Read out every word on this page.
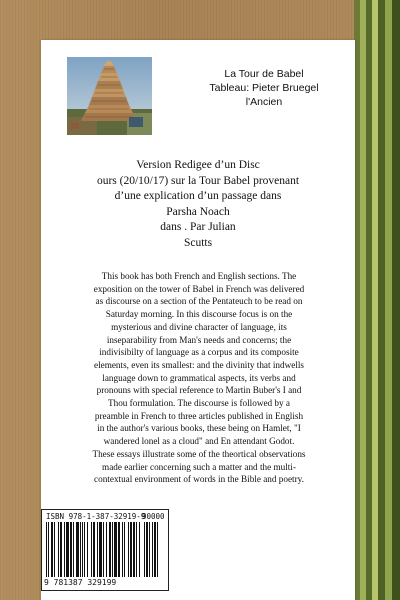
La Tour de Babel
Tableau: Pieter Bruegel
l'Ancien
Version Redigee d’un Disc
ours (20/10/17) sur la Tour Babel provenant
d’une explication d’un passage dans
Parsha Noach
dans . Par Julian
Scutts
This book has both French and English sections. The
exposition on the tower of Babel in French was delivered
as discourse on a section of the Pentateuch to be read on
Saturday morning. In this discourse focus is on the
mysterious and divine character of language, its
inseparability from Man's needs and concerns; the
indivisibilty of language as a corpus and its composite
elements, even its smallest: and the divinity that indwells
language down to grammatical aspects, its verbs and
pronouns with special reference to Martin Buber's I and
Thou formulation. The discourse is followed by a
preamble in French to three articles published in English
in the author's various books, these being on Hamlet, "I
wandered lonel as a cloud" and En attendant Godot.
These essays illustrate some of the theortical observations
made earlier concerning such a matter and the multi-
contextual environment of words in the Bible and poetry.
ISBN 978-1-387-32919-9
90000
9 781387 329199
